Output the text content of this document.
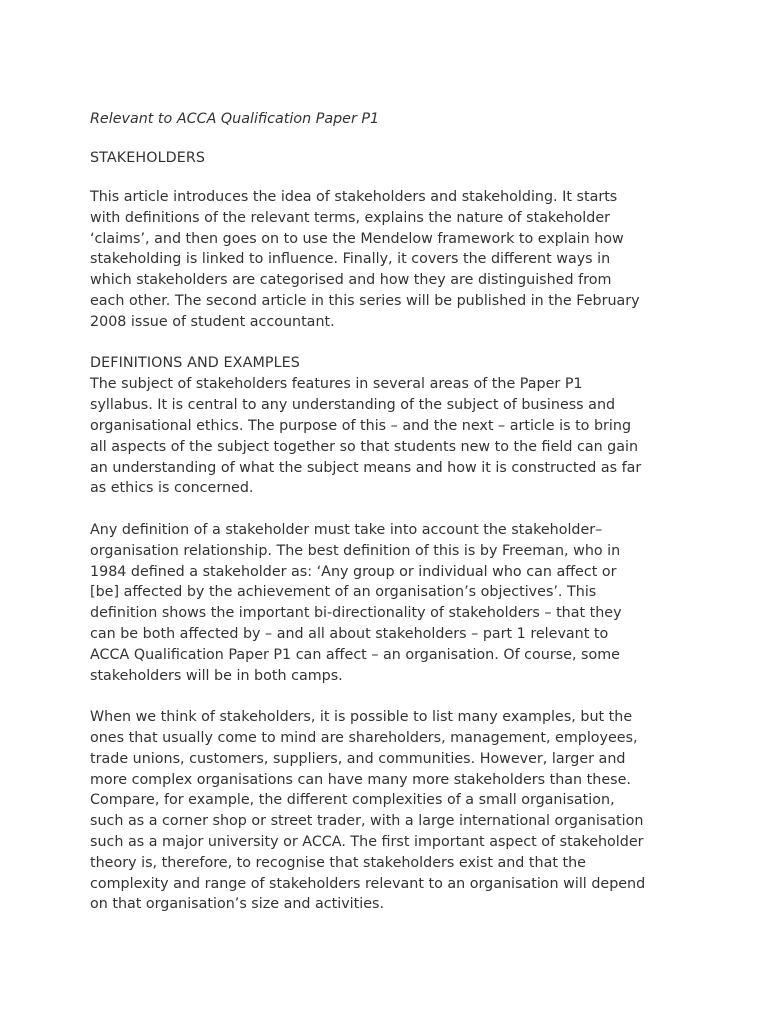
Relevant to ACCA Qualification Paper P1

STAKEHOLDERS
This article introduces the idea of stakeholders and stakeholding. It starts
with definitions of the relevant terms, explains the nature of stakeholder
‘claims’, and then goes on to use the Mendelow framework to explain how
stakeholding is linked to influence. Finally, it covers the different ways in
which stakeholders are categorised and how they are distinguished from
each other. The second article in this series will be published in the February
2008 issue of student accountant.
DEFINITIONS AND EXAMPLES
The subject of stakeholders features in several areas of the Paper P1
syllabus. It is central to any understanding of the subject of business and
organisational ethics. The purpose of this – and the next – article is to bring
all aspects of the subject together so that students new to the field can gain
an understanding of what the subject means and how it is constructed as far
as ethics is concerned.
Any definition of a stakeholder must take into account the stakeholder–
organisation relationship. The best definition of this is by Freeman, who in
1984 defined a stakeholder as: ‘Any group or individual who can affect or
[be] affected by the achievement of an organisation’s objectives’. This
definition shows the important bi-directionality of stakeholders – that they
can be both affected by – and all about stakeholders – part 1 relevant to
ACCA Qualification Paper P1 can affect – an organisation. Of course, some
stakeholders will be in both camps.
When we think of stakeholders, it is possible to list many examples, but the
ones that usually come to mind are shareholders, management, employees,
trade unions, customers, suppliers, and communities. However, larger and
more complex organisations can have many more stakeholders than these.
Compare, for example, the different complexities of a small organisation,
such as a corner shop or street trader, with a large international organisation
such as a major university or ACCA. The first important aspect of stakeholder
theory is, therefore, to recognise that stakeholders exist and that the
complexity and range of stakeholders relevant to an organisation will depend
on that organisation’s size and activities.
